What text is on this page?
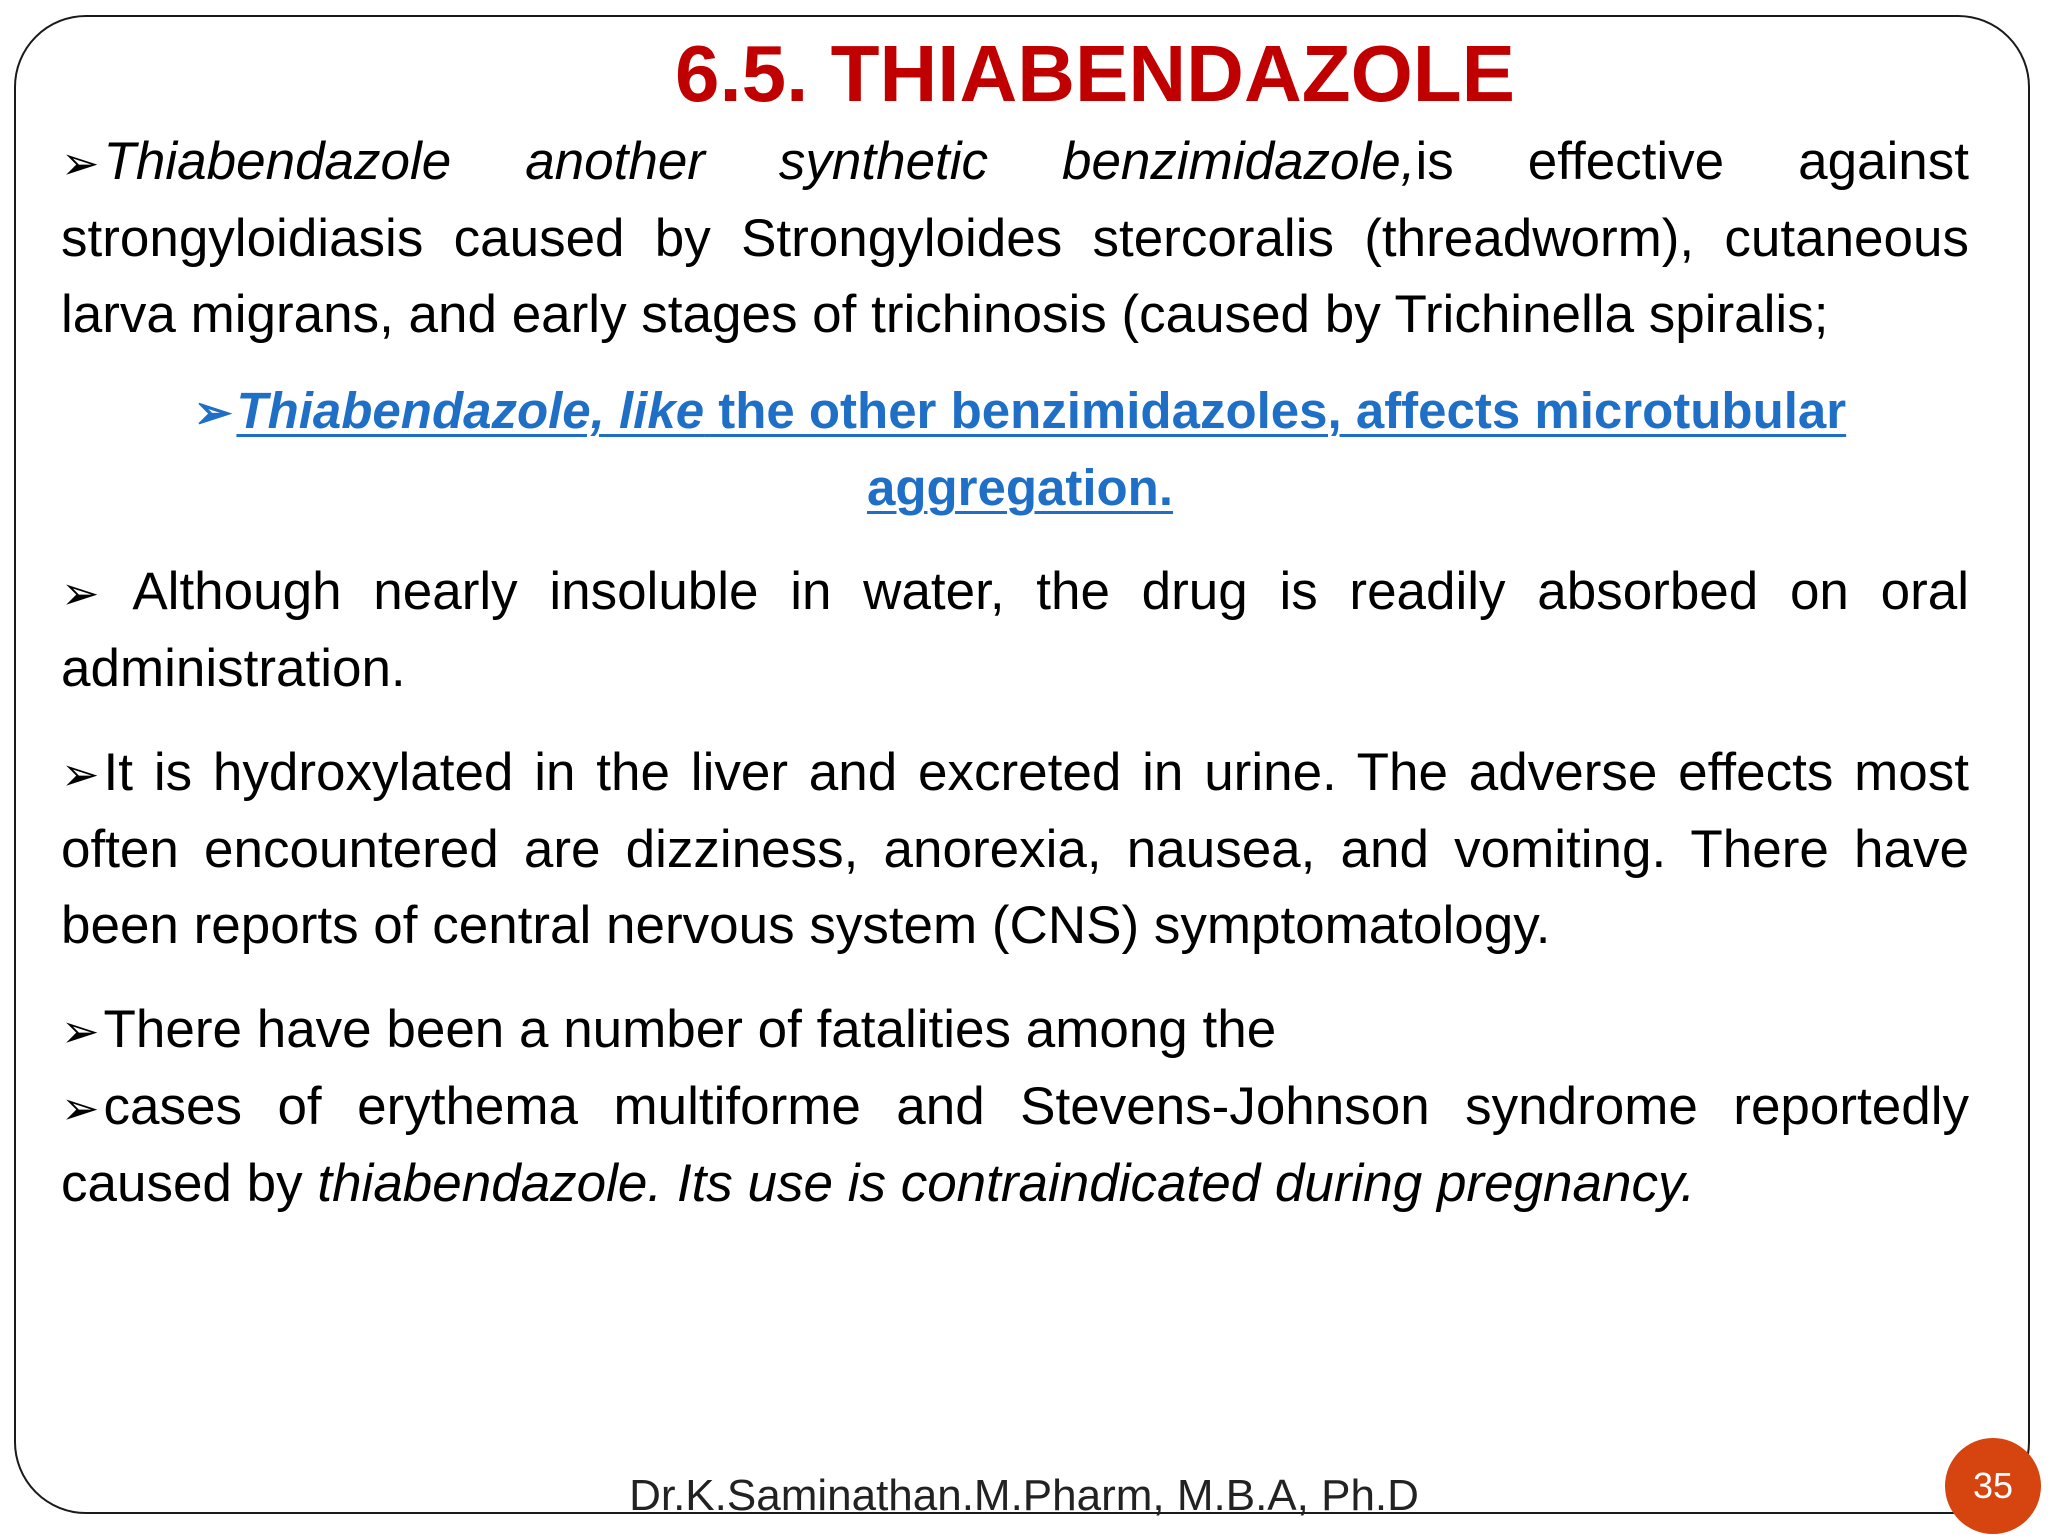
6.5. THIABENDAZOLE

➢Thiabendazole another synthetic benzimidazole,is effective against strongyloidiasis caused by Strongyloides stercoralis (threadworm), cutaneous larva migrans, and early stages of trichinosis (caused by Trichinella spiralis;

➢Thiabendazole, like the other benzimidazoles, affects microtubular aggregation.

➢ Although nearly insoluble in water, the drug is readily absorbed on oral administration.

➢It is hydroxylated in the liver and excreted in urine. The adverse effects most often encountered are dizziness, anorexia, nausea, and vomiting. There have been reports of central nervous system (CNS) symptomatology.

➢There have been a number of fatalities among the

➢cases of erythema multiforme and Stevens-Johnson syndrome reportedly caused by thiabendazole. Its use is contraindicated during pregnancy.

Dr.K.Saminathan.M.Pharm, M.B.A, Ph.D	35
